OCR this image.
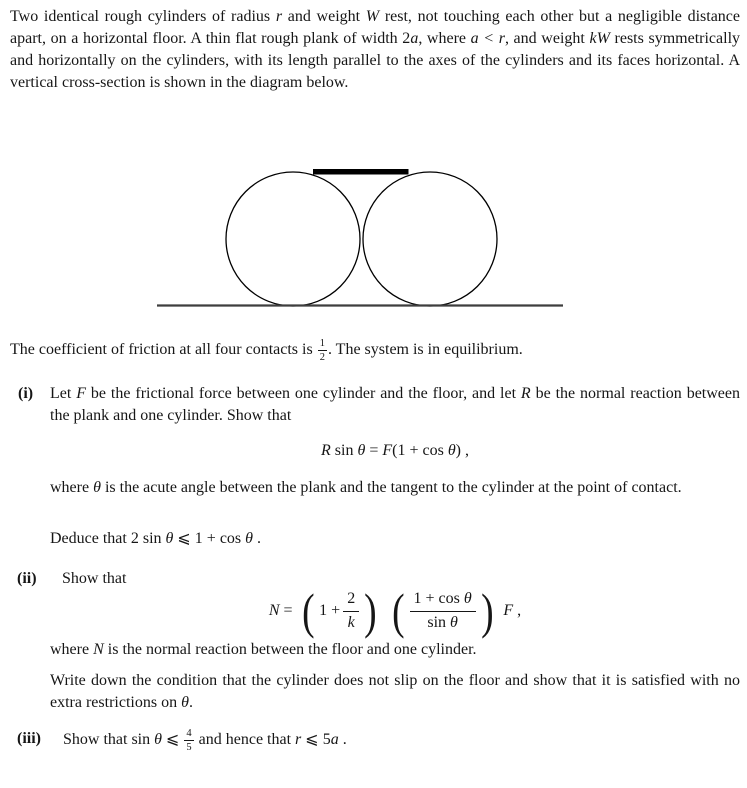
Two identical rough cylinders of radius r and weight W rest, not touching each other but a negligible distance apart, on a horizontal floor. A thin flat rough plank of width 2a, where a < r, and weight kW rests symmetrically and horizontally on the cylinders, with its length parallel to the axes of the cylinders and its faces horizontal. A vertical cross-section is shown in the diagram below.
The coefficient of friction at all four contacts is $\frac{1}{2}$ . The system is in equilibrium.
(i) Let F be the frictional force between one cylinder and the floor, and let R be the normal reaction between the plank and one cylinder. Show that
R sin θ = F(1 + cos θ) ,
where θ is the acute angle between the plank and the tangent to the cylinder at the point of contact.
Deduce that 2 sin θ ⩽ 1 + cos θ .
(ii) Show that
N = ( $1 + \frac{2}{k}$ ) ( $\frac{\text{1 + cos θ}}{\text{sin θ}}$ ) F ,
where N is the normal reaction between the floor and one cylinder.
Write down the condition that the cylinder does not slip on the floor and show that it is satisfied with no extra restrictions on θ.
(iii) Show that sin θ ⩽ $\frac{4}{5}$ and hence that r ⩽ 5a .
